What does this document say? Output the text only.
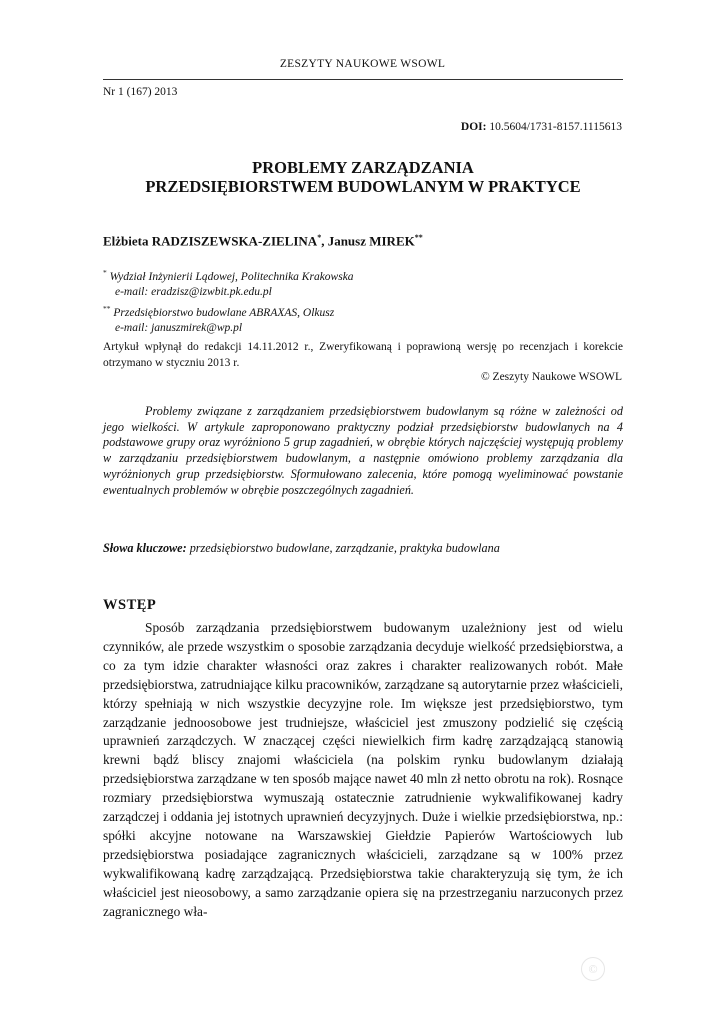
ZESZYTY NAUKOWE WSOWL
Nr 1 (167) 2013
DOI: 10.5604/1731-8157.1115613
PROBLEMY ZARZĄDZANIA
PRZEDSIĘBIORSTWEM BUDOWLANYM W PRAKTYCE
Elżbieta RADZISZEWSKA-ZIELINA*, Janusz MIREK**
* Wydział Inżynierii Lądowej, Politechnika Krakowska
e-mail: eradzisz@izwbit.pk.edu.pl
** Przedsiębiorstwo budowlane ABRAXAS, Olkusz
e-mail: januszmirek@wp.pl
Artykuł wpłynął do redakcji 14.11.2012 r., Zweryfikowaną i poprawioną wersję po recenzjach i korekcie otrzymano w styczniu 2013 r.
© Zeszyty Naukowe WSOWL
Problemy związane z zarządzaniem przedsiębiorstwem budowlanym są różne w zależności od jego wielkości. W artykule zaproponowano praktyczny podział przedsiębiorstw budowlanych na 4 podstawowe grupy oraz wyróżniono 5 grup zagadnień, w obrębie których najczęściej występują problemy w zarządzaniu przedsiębiorstwem budowlanym, a następnie omówiono problemy zarządzania dla wyróżnionych grup przedsiębiorstw. Sformułowano zalecenia, które pomogą wyeliminować powstanie ewentualnych problemów w obrębie poszczególnych zagadnień.
Słowa kluczowe: przedsiębiorstwo budowlane, zarządzanie, praktyka budowlana
WSTĘP
Sposób zarządzania przedsiębiorstwem budowanym uzależniony jest od wielu czynników, ale przede wszystkim o sposobie zarządzania decyduje wielkość przedsiębiorstwa, a co za tym idzie charakter własności oraz zakres i charakter realizowanych robót. Małe przedsiębiorstwa, zatrudniające kilku pracowników, zarządzane są autorytarnie przez właścicieli, którzy spełniają w nich wszystkie decyzyjne role. Im większe jest przedsiębiorstwo, tym zarządzanie jednoosobowe jest trudniejsze, właściciel jest zmuszony podzielić się częścią uprawnień zarządczych. W znaczącej części niewielkich firm kadrę zarządzającą stanowią krewni bądź bliscy znajomi właściciela (na polskim rynku budowlanym działają przedsiębiorstwa zarządzane w ten sposób mające nawet 40 mln zł netto obrotu na rok). Rosnące rozmiary przedsiębiorstwa wymuszają ostatecznie zatrudnienie wykwalifikowanej kadry zarządczej i oddania jej istotnych uprawnień decyzyjnych. Duże i wielkie przedsiębiorstwa, np.: spółki akcyjne notowane na Warszawskiej Giełdzie Papierów Wartościowych lub przedsiębiorstwa posiadające zagranicznych właścicieli, zarządzane są w 100% przez wykwalifikowaną kadrę zarządzającą. Przedsiębiorstwa takie charakteryzują się tym, że ich właściciel jest nieosobowy, a samo zarządzanie opiera się na przestrzeganiu narzuconych przez zagranicznego wła-
©
